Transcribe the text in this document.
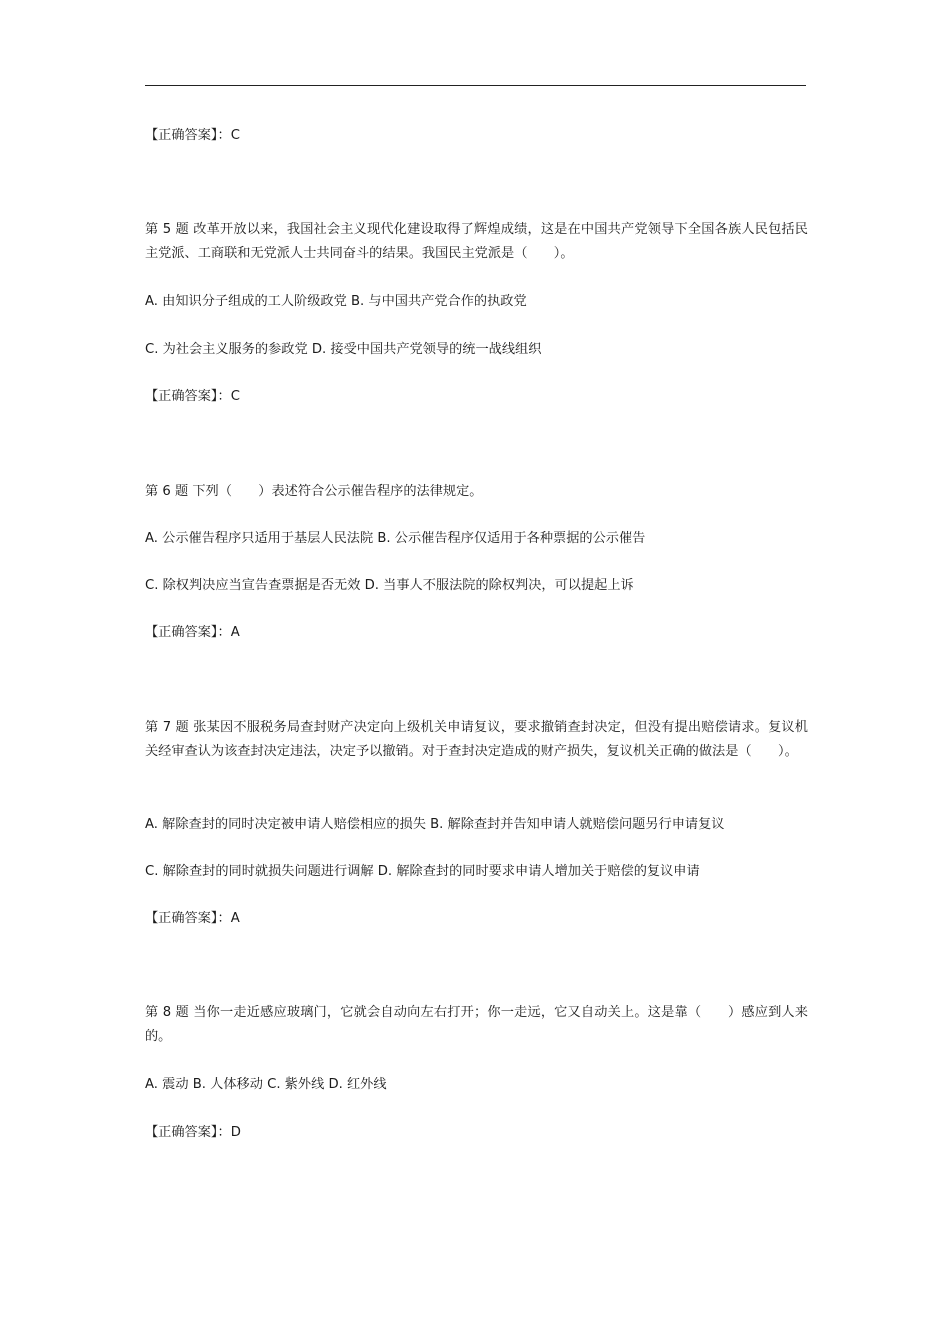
【正确答案】：C
第 5 题 改革开放以来，我国社会主义现代化建设取得了辉煌成绩，这是在中国共产党领导下全国各族人民包括民主党派、工商联和无党派人士共同奋斗的结果。我国民主党派是（　　）。
A. 由知识分子组成的工人阶级政党 B. 与中国共产党合作的执政党
C. 为社会主义服务的参政党 D. 接受中国共产党领导的统一战线组织
【正确答案】：C
第 6 题 下列（　　）表述符合公示催告程序的法律规定。
A. 公示催告程序只适用于基层人民法院 B. 公示催告程序仅适用于各种票据的公示催告
C. 除权判决应当宣告查票据是否无效 D. 当事人不服法院的除权判决，可以提起上诉
【正确答案】：A
第 7 题 张某因不服税务局查封财产决定向上级机关申请复议，要求撤销查封决定，但没有提出赔偿请求。复议机关经审查认为该查封决定违法，决定予以撤销。对于查封决定造成的财产损失，复议机关正确的做法是（　　）。
A. 解除查封的同时决定被申请人赔偿相应的损失 B. 解除查封并告知申请人就赔偿问题另行申请复议
C. 解除查封的同时就损失问题进行调解 D. 解除查封的同时要求申请人增加关于赔偿的复议申请
【正确答案】：A
第 8 题 当你一走近感应玻璃门，它就会自动向左右打开；你一走远，它又自动关上。这是靠（　　）感应到人来的。
A. 震动 B. 人体移动 C. 紫外线 D. 红外线
【正确答案】：D
